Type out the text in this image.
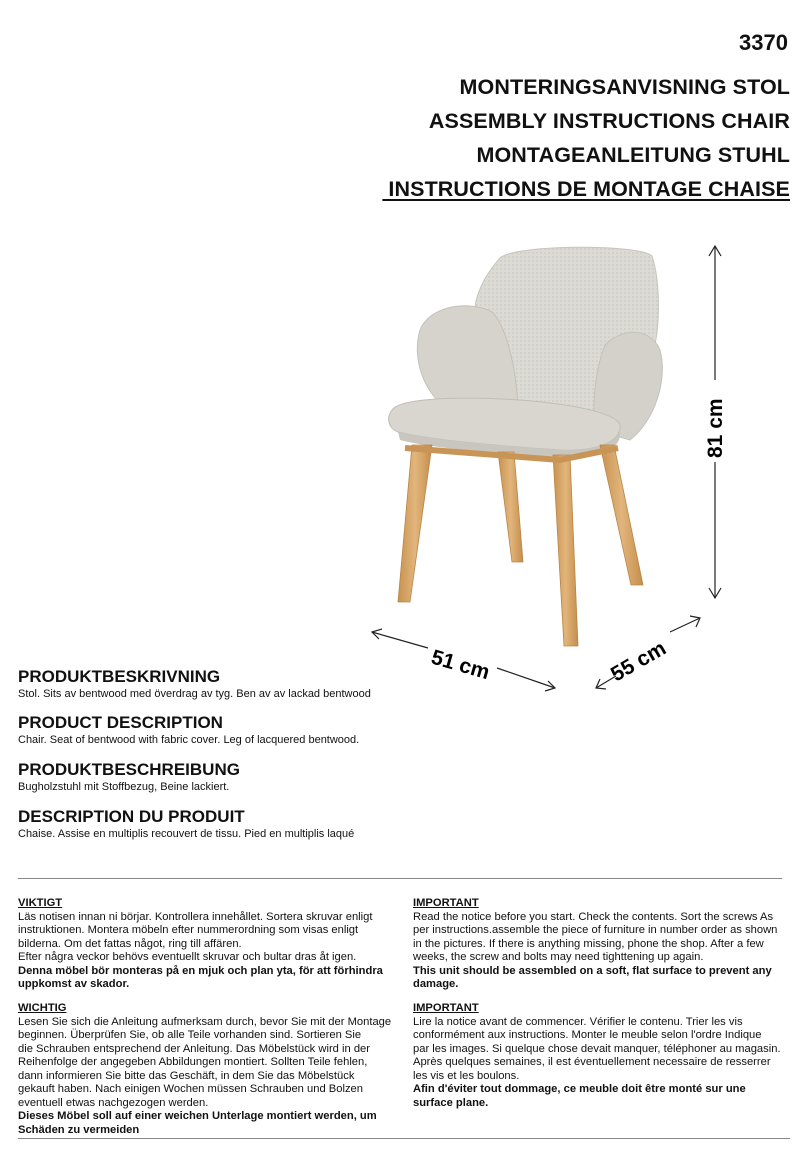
3370
MONTERINGSANVISNING STOL
ASSEMBLY INSTRUCTIONS CHAIR
MONTAGEANLEITUNG STUHL
INSTRUCTIONS DE MONTAGE CHAISE
81 cm
51 cm	55 cm
PRODUKTBESKRIVNING

Stol. Sits av bentwood med överdrag av tyg. Ben av av lackad bentwood

PRODUCT DESCRIPTION

Chair. Seat of bentwood with fabric cover. Leg of lacquered bentwood.

PRODUKTBESCHREIBUNG

Bugholzstuhl mit Stoffbezug, Beine lackiert.

DESCRIPTION DU PRODUIT

Chaise. Assise en multiplis recouvert de tissu. Pied en multiplis laqué

VIKTIGT
Läs notisen innan ni börjar. Kontrollera innehållet. Sortera skruvar enligt
instruktionen. Montera möbeln efter nummerordning som visas enligt
bilderna. Om det fattas något, ring till affären.
Efter några veckor behövs eventuellt skruvar och bultar dras åt igen.
Denna möbel bör monteras på en mjuk och plan yta, för att förhindra
uppkomst av skador.
WICHTIG
Lesen Sie sich die Anleitung aufmerksam durch, bevor Sie mit der Montage
beginnen. Überprüfen Sie, ob alle Teile vorhanden sind. Sortieren Sie
die Schrauben entsprechend der Anleitung. Das Möbelstück wird in der
Reihenfolge der angegeben Abbildungen montiert. Sollten Teile fehlen,
dann informieren Sie bitte das Geschäft, in dem Sie das Möbelstück
gekauft haben. Nach einigen Wochen müssen Schrauben und Bolzen
eventuell etwas nachgezogen werden.
Dieses Möbel soll auf einer weichen Unterlage montiert werden, um
Schäden zu vermeiden
IMPORTANT
Read the notice before you start. Check the contents. Sort the screws As
per instructions.assemble the piece of furniture in number order as shown
in the pictures. If there is anything missing, phone the shop. After a few
weeks, the screw and bolts may need tighttening up again.
This unit should be assembled on a soft, flat surface to prevent any
damage.
IMPORTANT
Lire la notice avant de commencer. Vérifier le contenu. Trier les vis
conformément aux instructions. Monter le meuble selon l'ordre Indique
par les images. Si quelque chose devait manquer, téléphoner au magasin.
Après quelques semaines, il est éventuellement necessaire de resserrer
les vis et les boulons.
Afin d'éviter tout dommage, ce meuble doit être monté sur une
surface plane.
